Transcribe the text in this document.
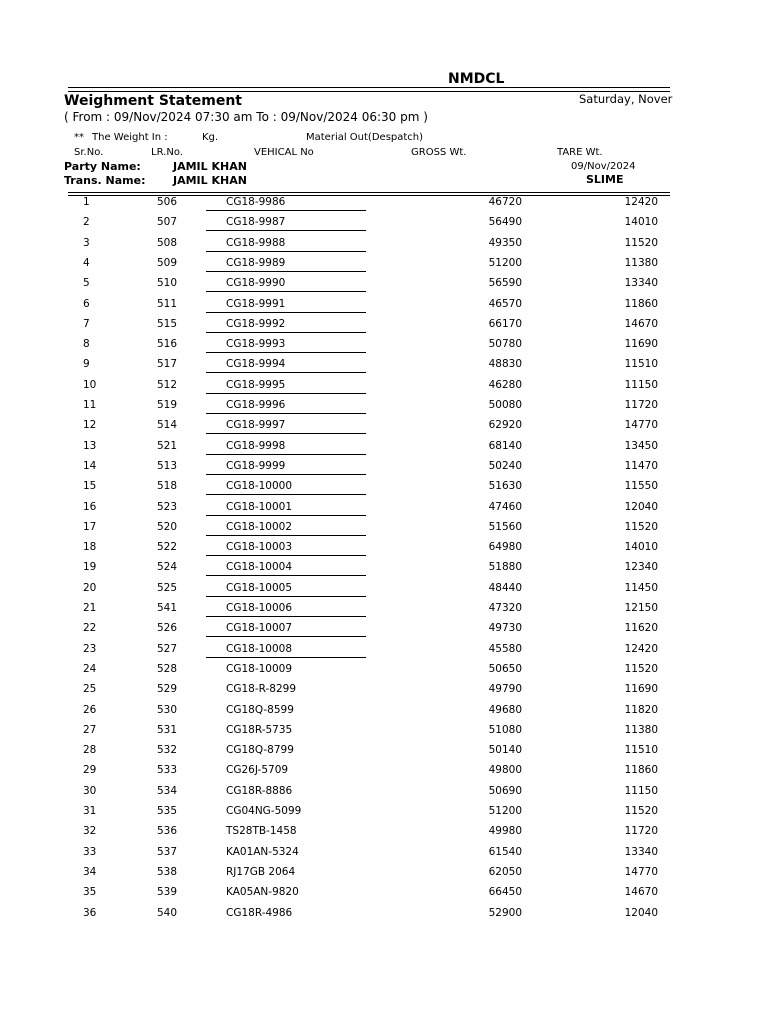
NMDCL
Weighment Statement	Saturday, Nover
( From : 09/Nov/2024 07:30 am To : 09/Nov/2024 06:30 pm )
** The Weight In :	Kg.	Material Out(Despatch)
Sr.No.	LR.No.	VEHICAL No	GROSS Wt.	TARE Wt.
Party Name:	JAMIL KHAN	09/Nov/2024
Trans. Name:	JAMIL KHAN	SLIME
1	506	CG18-9986	46720	12420
2	507	CG18-9987	56490	14010
3	508	CG18-9988	49350	11520
4	509	CG18-9989	51200	11380
5	510	CG18-9990	56590	13340
6	511	CG18-9991	46570	11860
7	515	CG18-9992	66170	14670
8	516	CG18-9993	50780	11690
9	517	CG18-9994	48830	11510
10	512	CG18-9995	46280	11150
11	519	CG18-9996	50080	11720
12	514	CG18-9997	62920	14770
13	521	CG18-9998	68140	13450
14	513	CG18-9999	50240	11470
15	518	CG18-10000	51630	11550
16	523	CG18-10001	47460	12040
17	520	CG18-10002	51560	11520
18	522	CG18-10003	64980	14010
19	524	CG18-10004	51880	12340
20	525	CG18-10005	48440	11450
21	541	CG18-10006	47320	12150
22	526	CG18-10007	49730	11620
23	527	CG18-10008	45580	12420
24	528	CG18-10009	50650	11520
25	529	CG18-R-8299	49790	11690
26	530	CG18Q-8599	49680	11820
27	531	CG18R-5735	51080	11380
28	532	CG18Q-8799	50140	11510
29	533	CG26J-5709	49800	11860
30	534	CG18R-8886	50690	11150
31	535	CG04NG-5099	51200	11520
32	536	TS28TB-1458	49980	11720
33	537	KA01AN-5324	61540	13340
34	538	RJ17GB 2064	62050	14770
35	539	KA05AN-9820	66450	14670
36	540	CG18R-4986	52900	12040
